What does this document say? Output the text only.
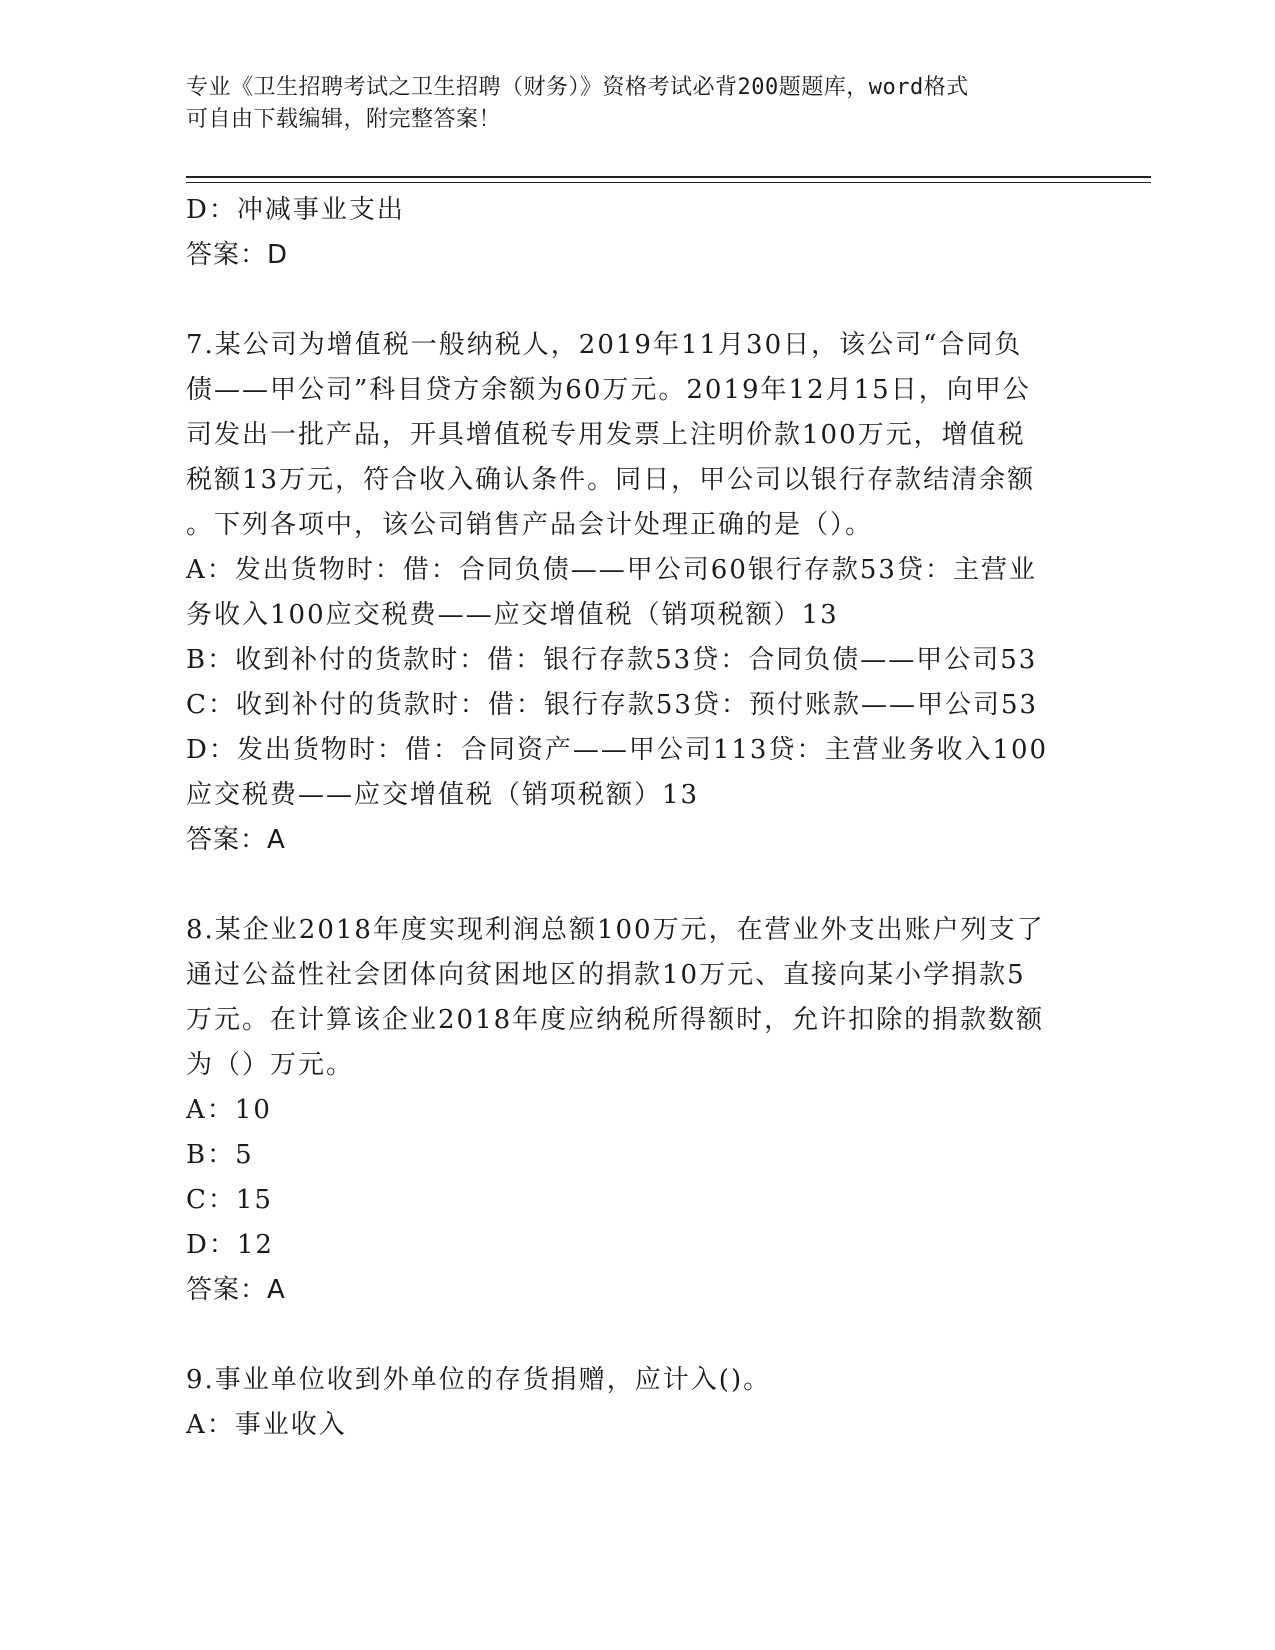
专业《卫生招聘考试之卫生招聘（财务）》资格考试必背200题题库，word格式
可自由下载编辑，附完整答案！
D：冲减事业支出
答案：D
7.某公司为增值税一般纳税人，2019年11月30日，该公司“合同负
债——甲公司”科目贷方余额为60万元。2019年12月15日，向甲公
司发出一批产品，开具增值税专用发票上注明价款100万元，增值税
税额13万元，符合收入确认条件。同日，甲公司以银行存款结清余额
。下列各项中，该公司销售产品会计处理正确的是（）。
A：发出货物时：借：合同负债——甲公司60银行存款53贷：主营业
务收入100应交税费——应交增值税（销项税额）13
B：收到补付的货款时：借：银行存款53贷：合同负债——甲公司53
C：收到补付的货款时：借：银行存款53贷：预付账款——甲公司53
D：发出货物时：借：合同资产——甲公司113贷：主营业务收入100
应交税费——应交增值税（销项税额）13
答案：A
8.某企业2018年度实现利润总额100万元，在营业外支出账户列支了
通过公益性社会团体向贫困地区的捐款10万元、直接向某小学捐款5
万元。在计算该企业2018年度应纳税所得额时，允许扣除的捐款数额
为（）万元。
A：10
B：5
C：15
D：12
答案：A
9.事业单位收到外单位的存货捐赠，应计入()。
A：事业收入
